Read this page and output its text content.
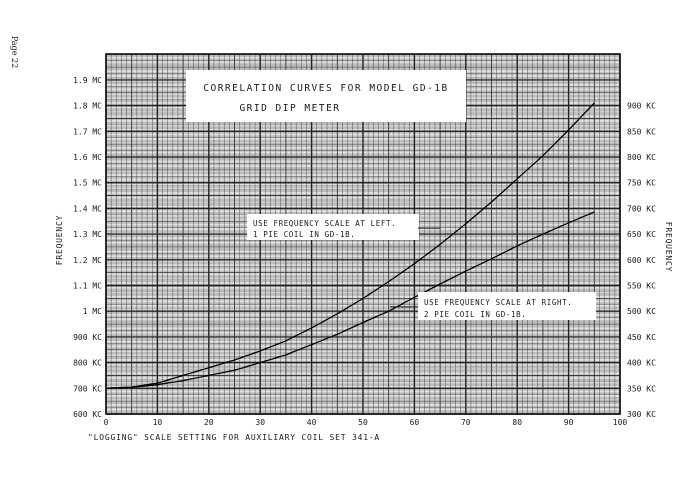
Page 22
CORRELATION CURVES FOR MODEL GD-1B
GRID DIP METER
USE FREQUENCY SCALE AT LEFT.
1 PIE COIL IN GD-1B.
USE FREQUENCY SCALE AT RIGHT.
2 PIE COIL IN GD-1B.
FREQUENCY	FREQUENCY
"LOGGING" SCALE SETTING FOR AUXILIARY COIL SET 341-A
0	10	20	30	40	50	60	70	80	90	100
600 KC
700 KC
800 KC
900 KC
1 MC
1.1 MC
1.2 MC
1.3 MC
1.4 MC
1.5 MC
1.6 MC
1.7 MC
1.8 MC
1.9 MC
300 KC
350 KC
400 KC
450 KC
500 KC
550 KC
600 KC
650 KC
700 KC
750 KC
800 KC
850 KC
900 KC
